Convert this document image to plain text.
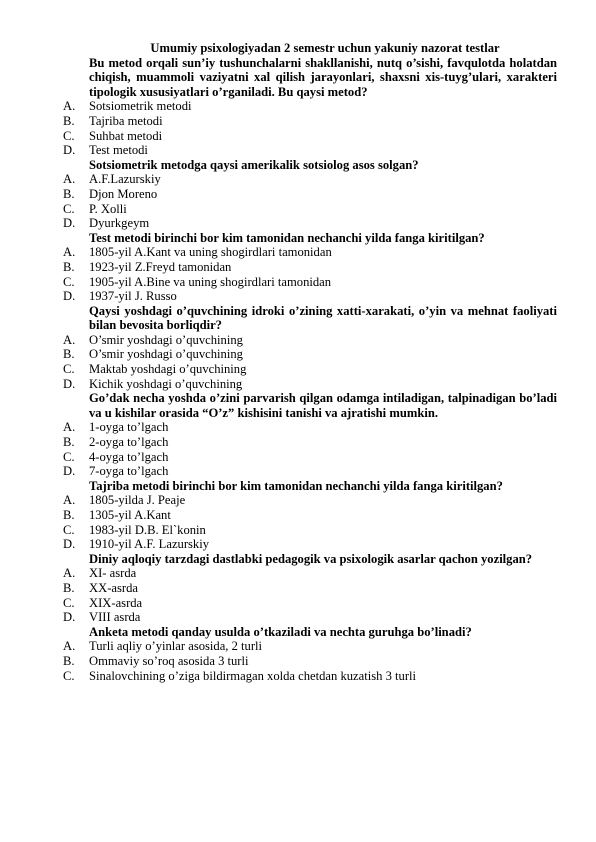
Umumiy psixologiyadan 2 semestr uchun yakuniy nazorat testlar

Bu metod orqali sun’iy tushunchalarni shakllanishi, nutq o’sishi, favqulotda holatdan chiqish, muammoli vaziyatni xal qilish jarayonlari, shaxsni xis-tuyg’ulari, xarakteri tipologik xususiyatlari o’rganiladi. Bu qaysi metod?

A.	Sotsiometrik metodi
B.	Tajriba metodi
C.	Suhbat metodi
D.	Test metodi

Sotsiometrik metodga qaysi amerikalik sotsiolog asos solgan?

A.	A.F.Lazurskiy
B.	Djon Moreno
C.	P. Xolli
D.	Dyurkgeym

Test metodi birinchi bor kim tamonidan nechanchi yilda fanga kiritilgan?

A.	1805-yil A.Kant va uning shogirdlari tamonidan
B.	1923-yil Z.Freyd tamonidan
C.	1905-yil A.Bine va uning shogirdlari tamonidan
D.	1937-yil J. Russo

Qaysi yoshdagi o’quvchining idroki o’zining xatti-xarakati, o’yin va mehnat faoliyati bilan bevosita borliqdir?

A.	O’smir yoshdagi o’quvchining
B.	O’smir yoshdagi o’quvchining
C.	Maktab yoshdagi o’quvchining
D.	Kichik yoshdagi o’quvchining

Go’dak necha yoshda o’zini parvarish qilgan odamga intiladigan, talpinadigan bo’ladi va u kishilar orasida “O’z” kishisini tanishi va ajratishi mumkin.

A.	1-oyga to’lgach
B.	2-oyga to’lgach
C.	4-oyga to’lgach
D.	7-oyga to’lgach

Tajriba metodi birinchi bor kim tamonidan nechanchi yilda fanga kiritilgan?

A.	1805-yilda J. Peaje
B.	1305-yil A.Kant
C.	1983-yil D.B. El`konin
D.	1910-yil A.F. Lazurskiy

Diniy aqloqiy tarzdagi dastlabki pedagogik va psixologik asarlar qachon yozilgan?

A.	XI- asrda
B.	XX-asrda
C.	XIX-asrda
D.	VIII asrda

Anketa metodi qanday usulda o’tkaziladi va nechta guruhga bo’linadi?

A.	Turli aqliy o’yinlar asosida, 2 turli
B.	Ommaviy so’roq asosida 3 turli
C.	Sinalovchining o’ziga bildirmagan xolda chetdan kuzatish 3 turli
